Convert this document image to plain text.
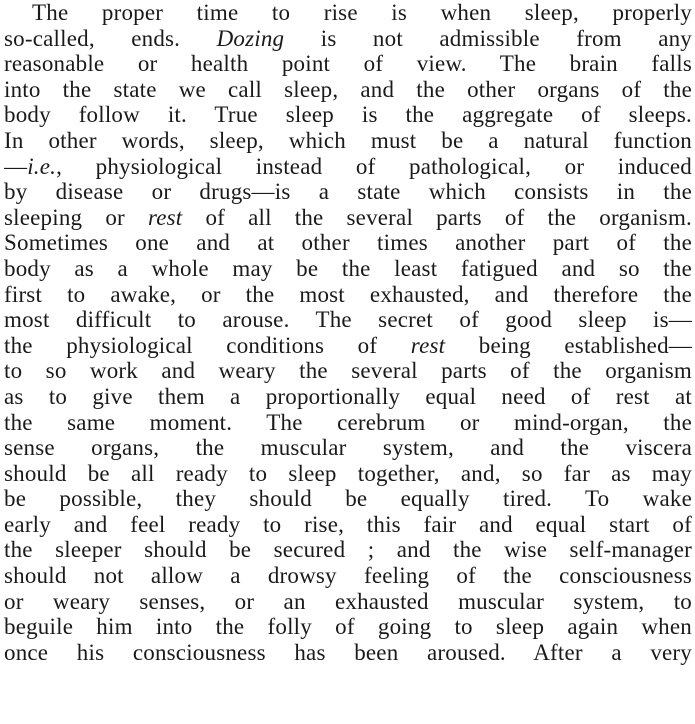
The proper time to rise is when sleep, properly
so-called, ends. Dozing is not admissible from any
reasonable or health point of view. The brain falls
into the state we call sleep, and the other organs of the
body follow it. True sleep is the aggregate of sleeps.
In other words, sleep, which must be a natural function
—i.e., physiological instead of pathological, or induced
by disease or drugs—is a state which consists in the
sleeping or rest of all the several parts of the organism.
Sometimes one and at other times another part of the
body as a whole may be the least fatigued and so the
first to awake, or the most exhausted, and therefore the
most difficult to arouse. The secret of good sleep is—
the physiological conditions of rest being established—
to so work and weary the several parts of the organism
as to give them a proportionally equal need of rest at
the same moment. The cerebrum or mind-organ, the
sense organs, the muscular system, and the viscera
should be all ready to sleep together, and, so far as may
be possible, they should be equally tired. To wake
early and feel ready to rise, this fair and equal start of
the sleeper should be secured ; and the wise self-manager
should not allow a drowsy feeling of the consciousness
or weary senses, or an exhausted muscular system, to
beguile him into the folly of going to sleep again when
once his consciousness has been aroused. After a very
